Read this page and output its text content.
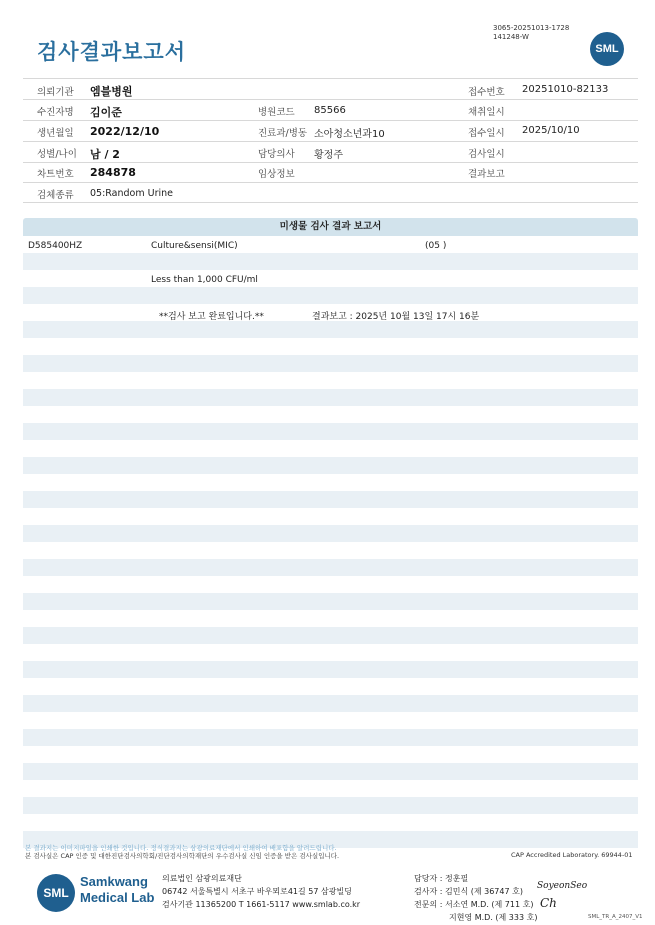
검사결과보고서
3065-20251013-1728
141248-W
SML
의뢰기관 엠블병원	접수번호 20251010-82133
수진자명 김이준	병원코드 85566	채취일시
생년월일 2022/12/10	진료과/병동 소아청소년과10	접수일시 2025/10/10
성별/나이 남 / 2	담당의사 황정주	검사일시
차트번호 284878	임상정보	결과보고
검체종류 05:Random Urine
미생물 검사 결과 보고서
D585400HZ	Culture&sensi(MIC)	(05 )
Less than 1,000 CFU/ml
**검사 보고 완료입니다.**	결과보고 : 2025년 10월 13일 17시 16분
본 결과지는 이미지파일을 인쇄한 것입니다. 정식결과지는 삼광의료재단에서 인쇄하여 배포함을 알려드립니다.
본 검사실은 CAP 인증 및 대한진단검사의학회/진단검사의학재단의 우수검사실 신임 인증을 받은 검사실입니다.	CAP Accredited Laboratory. 69944-01
SML
Samkwang
Medical Lab
의료법인 삼광의료재단
06742 서울특별시 서초구 바우뫼로41길 57 삼광빌딩
검사기관 11365200 T 1661-5117 www.smlab.co.kr
담당자 : 정훈필
검사자 : 김민식 (제 36747 호)
전문의 : 서소연 M.D. (제 711 호)
지현영 M.D. (제 333 호)
SoyeonSeo
Ch
SML_TR_A_2407_V1
